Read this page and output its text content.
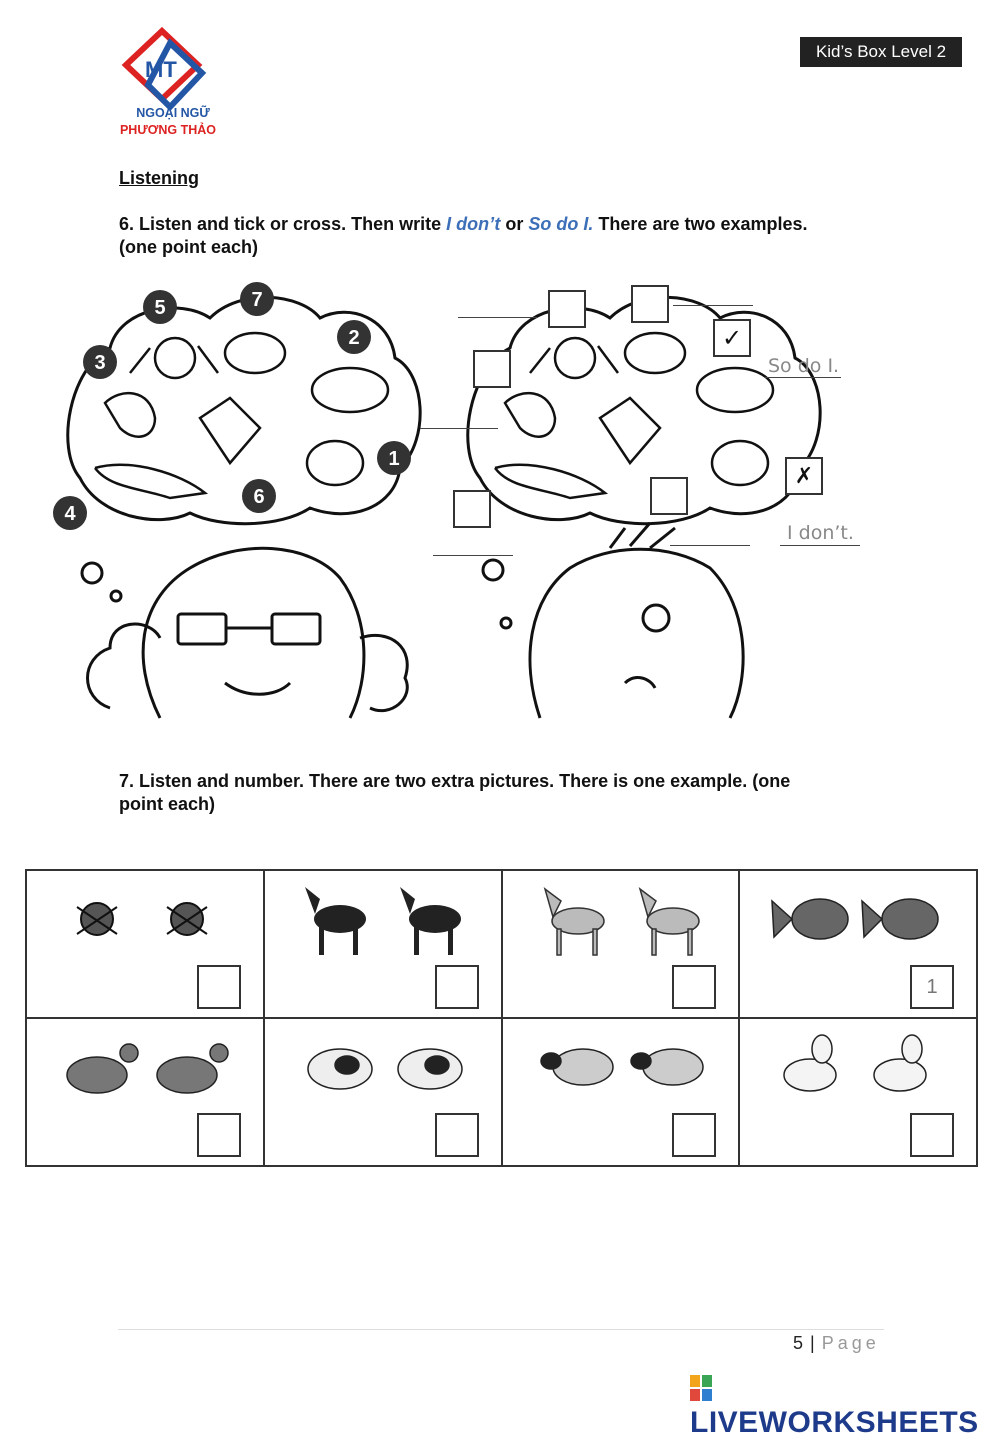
MT
NGOẠI NGỮ
PHƯƠNG THẢO
Kid’s Box Level 2
Listening
6. Listen and tick or cross. Then write I don’t or So do I. There are two examples. (one point each)
1
2
3
4
5
6
7
✓
✗
So do I.
I don’t.
7. Listen and number. There are two extra pictures. There is one example. (one point each)
1
5 | Page
LIVEWORKSHEETS
